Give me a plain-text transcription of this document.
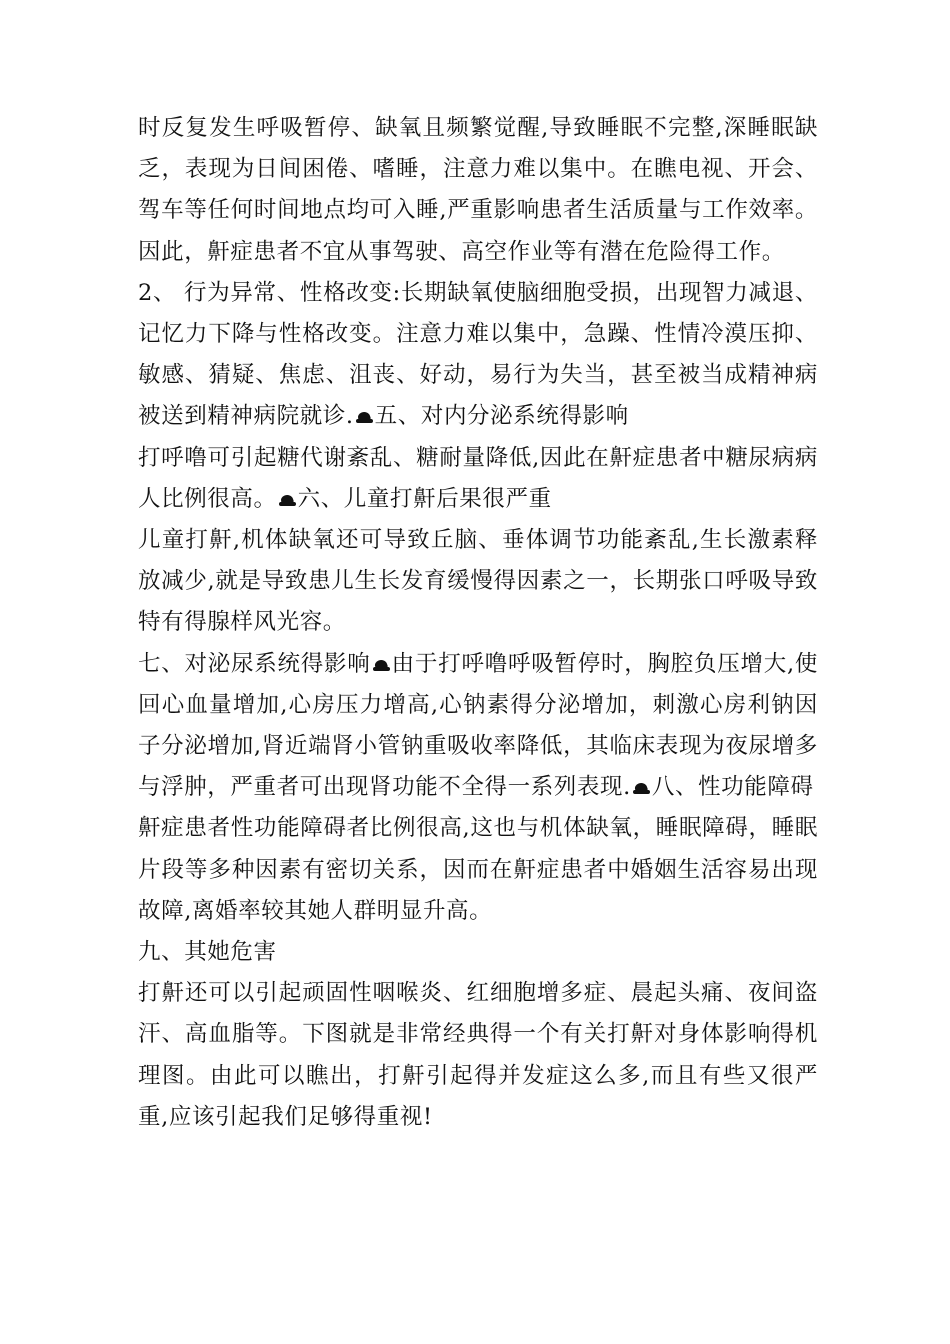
时反复发生呼吸暂停、缺氧且频繁觉醒,导致睡眠不完整,深睡眠缺乏，表现为日间困倦、嗜睡，注意力难以集中。在瞧电视、开会、驾车等任何时间地点均可入睡,严重影响患者生活质量与工作效率。因此，鼾症患者不宜从事驾驶、高空作业等有潜在危险得工作。

2、 行为异常、性格改变:长期缺氧使脑细胞受损，出现智力减退、记忆力下降与性格改变。注意力难以集中，急躁、性情冷漠压抑、敏感、猜疑、焦虑、沮丧、好动，易行为失当，甚至被当成精神病被送到精神病院就诊. 五、对内分泌系统得影响

打呼噜可引起糖代谢紊乱、糖耐量降低,因此在鼾症患者中糖尿病病人比例很高。 六、儿童打鼾后果很严重

儿童打鼾,机体缺氧还可导致丘脑、垂体调节功能紊乱,生长激素释放减少,就是导致患儿生长发育缓慢得因素之一，长期张口呼吸导致特有得腺样风光容。

七、对泌尿系统得影响 由于打呼噜呼吸暂停时，胸腔负压增大,使回心血量增加,心房压力增高,心钠素得分泌增加，刺激心房利钠因子分泌增加,肾近端肾小管钠重吸收率降低，其临床表现为夜尿增多与浮肿，严重者可出现肾功能不全得一系列表现. 八、性功能障碍

鼾症患者性功能障碍者比例很高,这也与机体缺氧，睡眠障碍，睡眠片段等多种因素有密切关系，因而在鼾症患者中婚姻生活容易出现故障,离婚率较其她人群明显升高。

九、其她危害

打鼾还可以引起顽固性咽喉炎、红细胞增多症、晨起头痛、夜间盗汗、高血脂等。下图就是非常经典得一个有关打鼾对身体影响得机理图。由此可以瞧出，打鼾引起得并发症这么多,而且有些又很严重,应该引起我们足够得重视!
